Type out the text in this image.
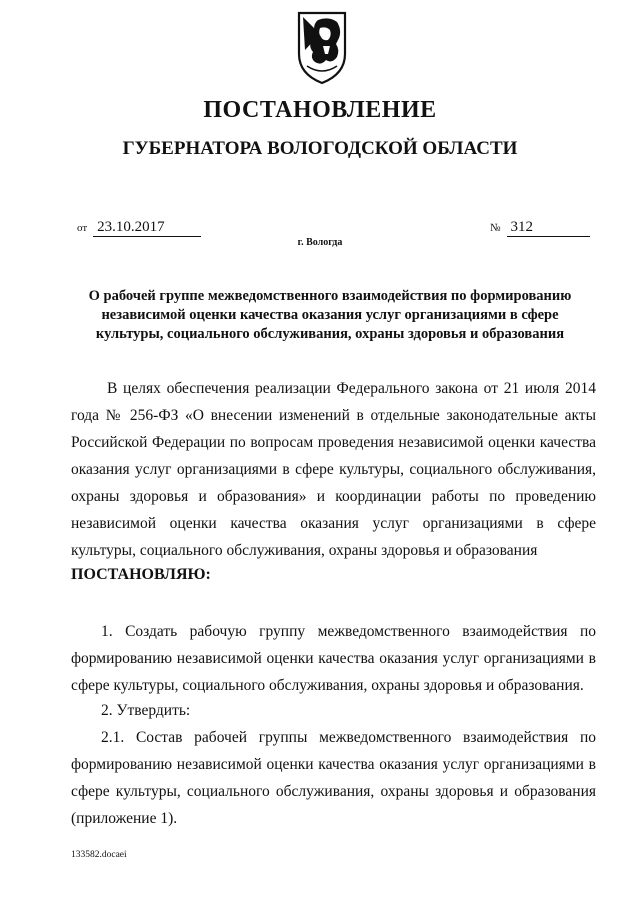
ПОСТАНОВЛЕНИЕ
ГУБЕРНАТОРА ВОЛОГОДСКОЙ ОБЛАСТИ
от 23.10.2017	№ 312
г. Вологда
О рабочей группе межведомственного взаимодействия по формированию независимой оценки качества оказания услуг организациями в сфере культуры, социального обслуживания, охраны здоровья и образования
В целях обеспечения реализации Федерального закона от 21 июля 2014 года № 256-ФЗ «О внесении изменений в отдельные законодательные акты Российской Федерации по вопросам проведения независимой оценки качества оказания услуг организациями в сфере культуры, социального обслуживания, охраны здоровья и образования» и координации работы по проведению независимой оценки качества оказания услуг организациями в сфере культуры, социального обслуживания, охраны здоровья и образования
ПОСТАНОВЛЯЮ:
1. Создать рабочую группу межведомственного взаимодействия по формированию независимой оценки качества оказания услуг организациями в сфере культуры, социального обслуживания, охраны здоровья и образования.
2. Утвердить:
2.1. Состав рабочей группы межведомственного взаимодействия по формированию независимой оценки качества оказания услуг организациями в сфере культуры, социального обслуживания, охраны здоровья и образования (приложение 1).
133582.docaei
